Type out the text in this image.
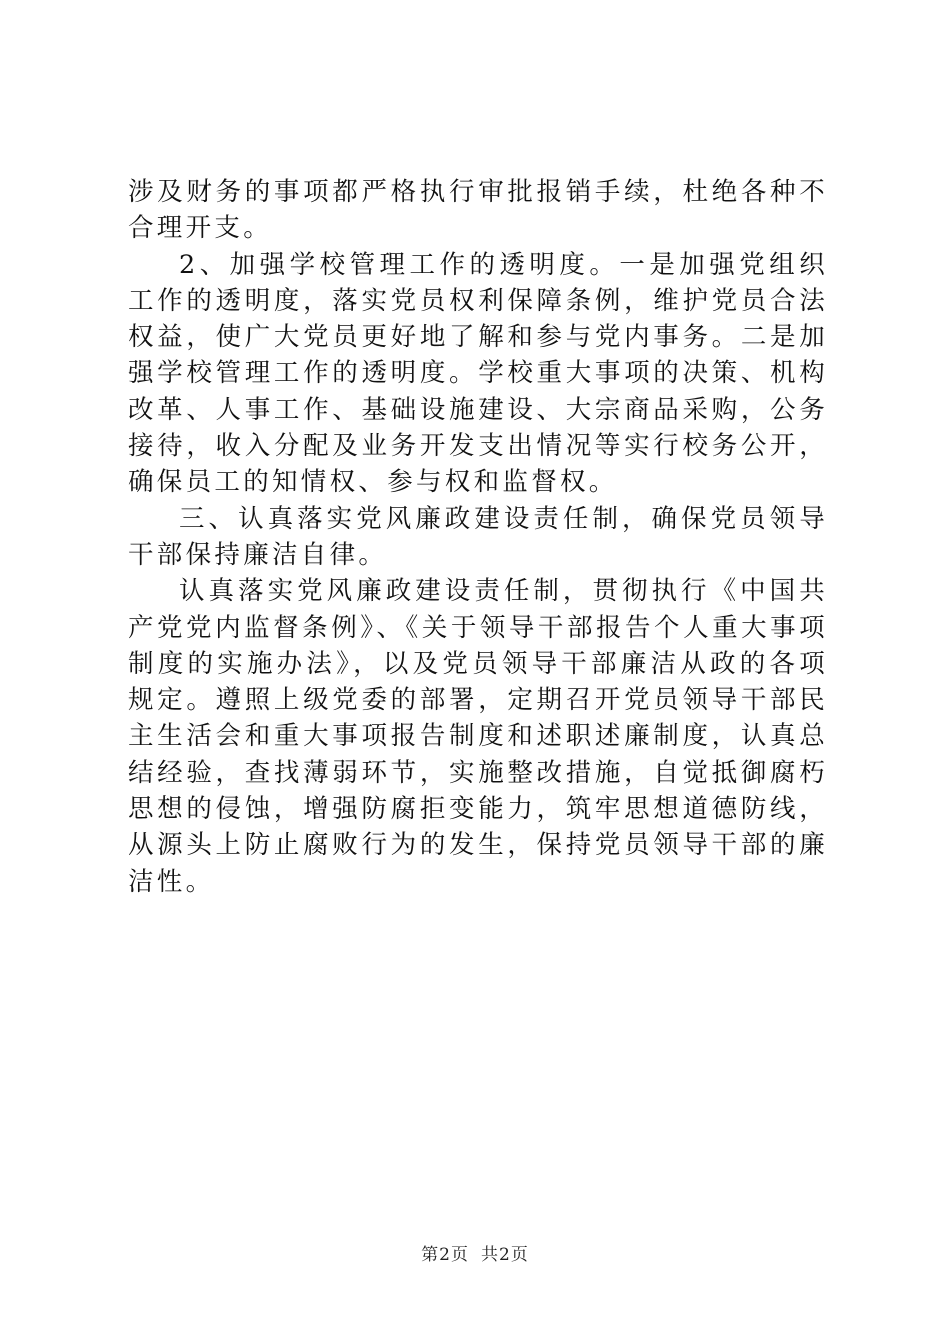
涉及财务的事项都严格执行审批报销手续，杜绝各种不合理开支。

2、加强学校管理工作的透明度。一是加强党组织工作的透明度，落实党员权利保障条例，维护党员合法权益，使广大党员更好地了解和参与党内事务。二是加强学校管理工作的透明度。学校重大事项的决策、机构改革、人事工作、基础设施建设、大宗商品采购，公务接待，收入分配及业务开发支出情况等实行校务公开，确保员工的知情权、参与权和监督权。

三、认真落实党风廉政建设责任制，确保党员领导干部保持廉洁自律。

认真落实党风廉政建设责任制，贯彻执行《中国共产党党内监督条例》、《关于领导干部报告个人重大事项制度的实施办法》，以及党员领导干部廉洁从政的各项规定。遵照上级党委的部署，定期召开党员领导干部民主生活会和重大事项报告制度和述职述廉制度，认真总结经验，查找薄弱环节，实施整改措施，自觉抵御腐朽思想的侵蚀，增强防腐拒变能力，筑牢思想道德防线，从源头上防止腐败行为的发生，保持党员领导干部的廉洁性。

第2页 共2页
